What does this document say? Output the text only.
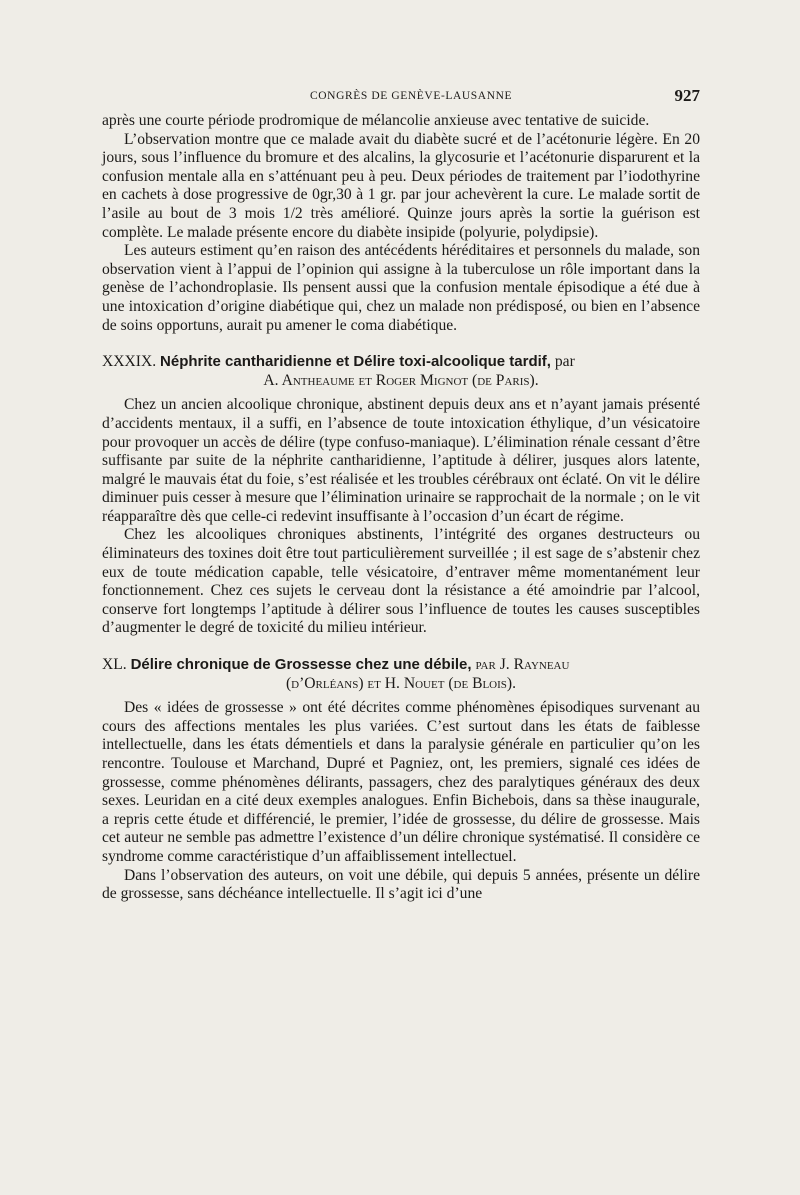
CONGRÈS DE GENÈVE-LAUSANNE	927

après une courte période prodromique de mélancolie anxieuse avec tentative de suicide.

L’observation montre que ce malade avait du diabète sucré et de l’acétonurie légère. En 20 jours, sous l’influence du bromure et des alcalins, la glycosurie et l’acétonurie disparurent et la confusion mentale alla en s’atténuant peu à peu. Deux périodes de traitement par l’iodothyrine en cachets à dose progressive de 0gr,30 à 1 gr. par jour achevèrent la cure. Le malade sortit de l’asile au bout de 3 mois 1/2 très amélioré. Quinze jours après la sortie la guérison est complète. Le malade présente encore du diabète insipide (polyurie, polydipsie).

Les auteurs estiment qu’en raison des antécédents héréditaires et personnels du malade, son observation vient à l’appui de l’opinion qui assigne à la tuberculose un rôle important dans la genèse de l’achondroplasie. Ils pensent aussi que la confusion mentale épisodique a été due à une intoxication d’origine diabétique qui, chez un malade non prédisposé, ou bien en l’absence de soins opportuns, aurait pu amener le coma diabétique.

XXXIX. Néphrite cantharidienne et Délire toxi-alcoolique tardif, par
A. Antheaume et Roger Mignot (de Paris).

Chez un ancien alcoolique chronique, abstinent depuis deux ans et n’ayant jamais présenté d’accidents mentaux, il a suffi, en l’absence de toute intoxication éthylique, d’un vésicatoire pour provoquer un accès de délire (type confuso-maniaque). L’élimination rénale cessant d’être suffisante par suite de la néphrite cantharidienne, l’aptitude à délirer, jusques alors latente, malgré le mauvais état du foie, s’est réalisée et les troubles cérébraux ont éclaté. On vit le délire diminuer puis cesser à mesure que l’élimination urinaire se rapprochait de la normale ; on le vit réapparaître dès que celle-ci redevint insuffisante à l’occasion d’un écart de régime.

Chez les alcooliques chroniques abstinents, l’intégrité des organes destructeurs ou éliminateurs des toxines doit être tout particulièrement surveillée ; il est sage de s’abstenir chez eux de toute médication capable, telle vésicatoire, d’entraver même momentanément leur fonctionnement. Chez ces sujets le cerveau dont la résistance a été amoindrie par l’alcool, conserve fort longtemps l’aptitude à délirer sous l’influence de toutes les causes susceptibles d’augmenter le degré de toxicité du milieu intérieur.

XL. Délire chronique de Grossesse chez une débile, par J. Rayneau
(d’Orléans) et H. Nouet (de Blois).

Des « idées de grossesse » ont été décrites comme phénomènes épisodiques survenant au cours des affections mentales les plus variées. C’est surtout dans les états de faiblesse intellectuelle, dans les états démentiels et dans la paralysie générale en particulier qu’on les rencontre. Toulouse et Marchand, Dupré et Pagniez, ont, les premiers, signalé ces idées de grossesse, comme phénomènes délirants, passagers, chez des paralytiques généraux des deux sexes. Leuridan en a cité deux exemples analogues. Enfin Bichebois, dans sa thèse inaugurale, a repris cette étude et différencié, le premier, l’idée de grossesse, du délire de grossesse. Mais cet auteur ne semble pas admettre l’existence d’un délire chronique systématisé. Il considère ce syndrome comme caractéristique d’un affaiblissement intellectuel.

Dans l’observation des auteurs, on voit une débile, qui depuis 5 années, présente un délire de grossesse, sans déchéance intellectuelle. Il s’agit ici d’une
